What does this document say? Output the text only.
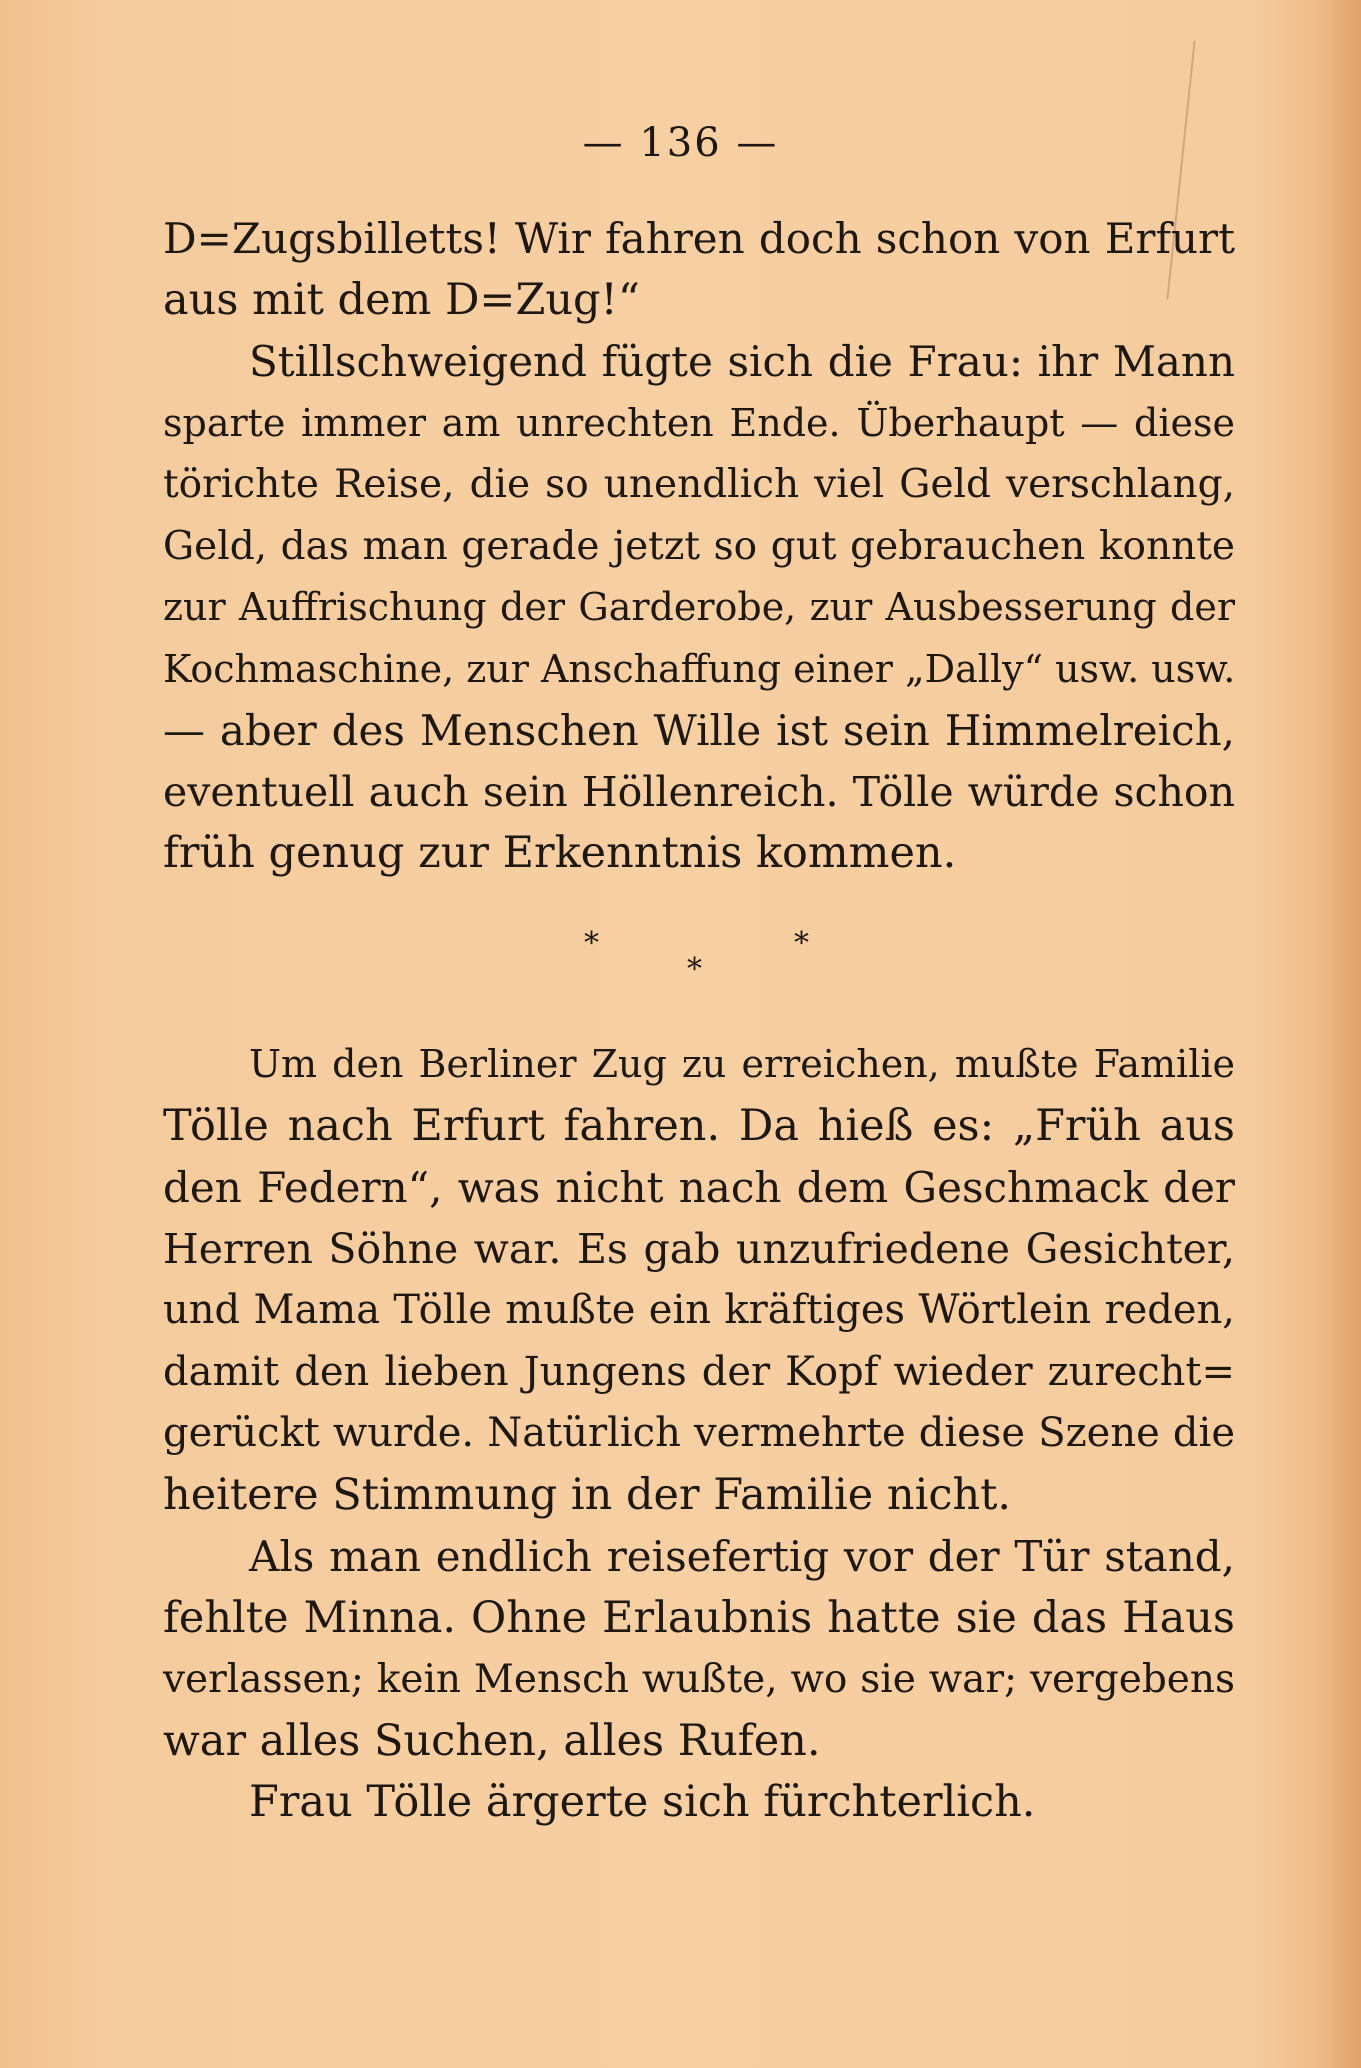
— 136 —
D=Zugsbilletts! Wir fahren doch schon von Erfurt
aus mit dem D=Zug!“
Stillschweigend fügte sich die Frau: ihr Mann
sparte immer am unrechten Ende. Überhaupt — diese
törichte Reise, die so unendlich viel Geld verschlang,
Geld, das man gerade jetzt so gut gebrauchen konnte
zur Auffrischung der Garderobe, zur Ausbesserung der
Kochmaschine, zur Anschaffung einer „Dally“ usw. usw.
— aber des Menschen Wille ist sein Himmelreich,
eventuell auch sein Höllenreich. Tölle würde schon
früh genug zur Erkenntnis kommen.
*
*
*
Um den Berliner Zug zu erreichen, mußte Familie
Tölle nach Erfurt fahren. Da hieß es: „Früh aus
den Federn“, was nicht nach dem Geschmack der
Herren Söhne war. Es gab unzufriedene Gesichter,
und Mama Tölle mußte ein kräftiges Wörtlein reden,
damit den lieben Jungens der Kopf wieder zurecht=
gerückt wurde. Natürlich vermehrte diese Szene die
heitere Stimmung in der Familie nicht.
Als man endlich reisefertig vor der Tür stand,
fehlte Minna. Ohne Erlaubnis hatte sie das Haus
verlassen; kein Mensch wußte, wo sie war; vergebens
war alles Suchen, alles Rufen.
Frau Tölle ärgerte sich fürchterlich.
